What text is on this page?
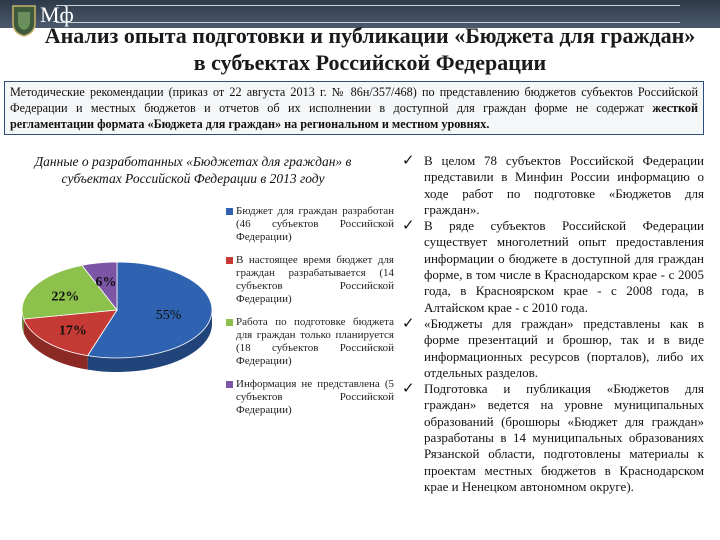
Мф
Анализ опыта подготовки и публикации «Бюджета для граждан» в субъектах Российской Федерации
Методические рекомендации (приказ от 22 августа 2013 г. № 86н/357/468) по представлению бюджетов субъектов Российской Федерации и местных бюджетов и отчетов об их исполнении в доступной для граждан форме не содержат жесткой регламентации формата «Бюджета для граждан» на региональном и местном уровнях.
Данные о разработанных «Бюджетах для граждан» в субъектах Российской Федерации в 2013 году
55%
17%
22%
6%
Бюджет для граждан разработан (46 субъектов Российской Федерации)
В настоящее время бюджет для граждан разрабатывается (14 субъектов Российской Федерации)
Работа по подготовке бюджета для граждан только планируется (18 субъектов Российской Федерации)
Информация не представлена (5 субъектов Российской Федерации)
✓ В целом 78 субъектов Российской Федерации представили в Минфин России информацию о ходе работ по подготовке «Бюджетов для граждан».
✓ В ряде субъектов Российской Федерации существует многолетний опыт предоставления информации о бюджете в доступной для граждан форме, в том числе в Краснодарском крае - с 2005 года, в Красноярском крае - с 2008 года, в Алтайском крае - с 2010 года.
✓ «Бюджеты для граждан» представлены как в форме презентаций и брошюр, так и в виде информационных ресурсов (порталов), либо их отдельных разделов.
✓ Подготовка и публикация «Бюджетов для граждан» ведется на уровне муниципальных образований (брошюры «Бюджет для граждан» разработаны в 14 муниципальных образованиях Рязанской области, подготовлены материалы к проектам местных бюджетов в Краснодарском крае и Ненецком автономном округе).
